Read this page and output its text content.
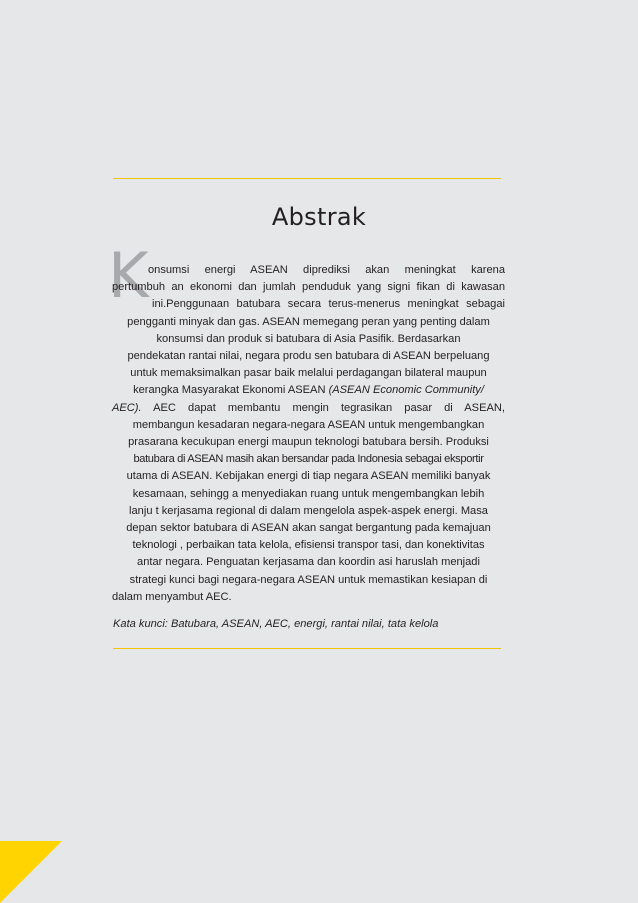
Abstrak
K onsumsi energi ASEAN diprediksi akan meningkat karena
pertumbuh an ekonomi dan jumlah penduduk yang signi fikan di kawasan
ini.Penggunaan batubara secara terus-menerus meningkat sebagai
pengganti minyak dan gas. ASEAN memegang peran yang penting dalam
konsumsi dan produk si batubara di Asia Pasifik. Berdasarkan
pendekatan rantai nilai, negara produ sen batubara di ASEAN berpeluang
untuk memaksimalkan pasar baik melalui perdagangan bilateral maupun
kerangka Masyarakat Ekonomi ASEAN (ASEAN Economic Community/
AEC). AEC dapat membantu mengin tegrasikan pasar di ASEAN,
membangun kesadaran negara-negara ASEAN untuk mengembangkan
prasarana kecukupan energi maupun teknologi batubara bersih. Produksi
batubara di ASEAN masih akan bersandar pada Indonesia sebagai eksportir
utama di ASEAN. Kebijakan energi di tiap negara ASEAN memiliki banyak
kesamaan, sehingg a menyediakan ruang untuk mengembangkan lebih
lanju t kerjasama regional di dalam mengelola aspek-aspek energi. Masa
depan sektor batubara di ASEAN akan sangat bergantung pada kemajuan
teknologi , perbaikan tata kelola, efisiensi transpor tasi, dan konektivitas
antar negara. Penguatan kerjasama dan koordin asi haruslah menjadi
strategi kunci bagi negara-negara ASEAN untuk memastikan kesiapan di
dalam menyambut AEC.
Kata kunci: Batubara, ASEAN, AEC, energi, rantai nilai, tata kelola
